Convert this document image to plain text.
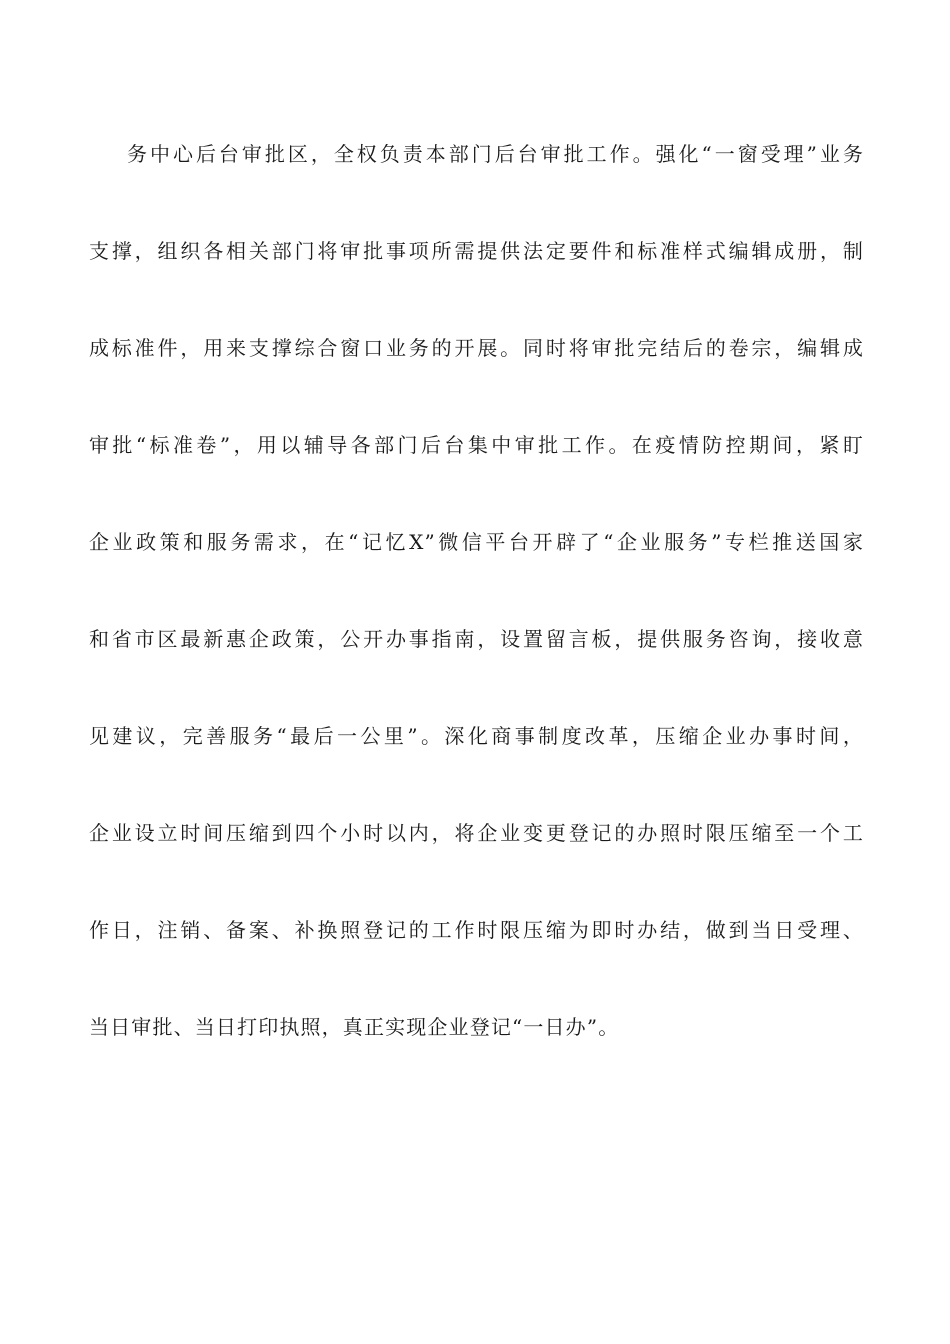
务中心后台审批区，全权负责本部门后台审批工作。强化“一窗受理”业务
支撑，组织各相关部门将审批事项所需提供法定要件和标准样式编辑成册，制
成标准件，用来支撑综合窗口业务的开展。同时将审批完结后的卷宗，编辑成
审批“标准卷”，用以辅导各部门后台集中审批工作。在疫情防控期间，紧盯
企业政策和服务需求，在“记忆X”微信平台开辟了“企业服务”专栏推送国家
和省市区最新惠企政策，公开办事指南，设置留言板，提供服务咨询，接收意
见建议，完善服务“最后一公里”。深化商事制度改革，压缩企业办事时间，
企业设立时间压缩到四个小时以内，将企业变更登记的办照时限压缩至一个工
作日，注销、备案、补换照登记的工作时限压缩为即时办结，做到当日受理、
当日审批、当日打印执照，真正实现企业登记“一日办”。
